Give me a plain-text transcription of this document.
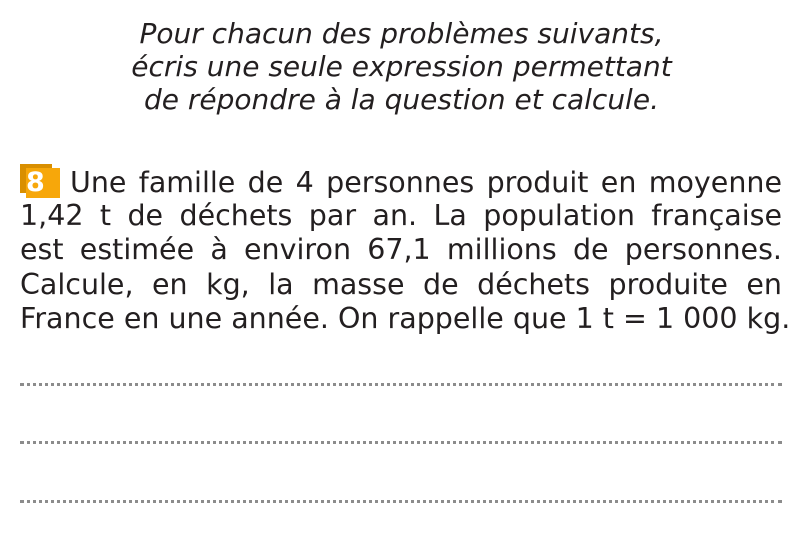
Pour chacun des problèmes suivants,
écris une seule expression permettant
de répondre à la question et calcule.
8 Une famille de 4 personnes produit en moyenne
1,42 t de déchets par an. La population française
est estimée à environ 67,1 millions de personnes.
Calcule, en kg, la masse de déchets produite en
France en une année. On rappelle que 1 t = 1 000 kg.
